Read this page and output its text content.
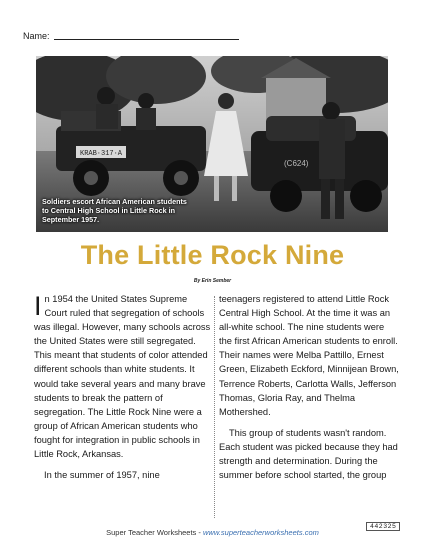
Name:
KRAB·317·A
(C624)
Soldiers escort African American students to Central High School in Little Rock in September 1957.
The Little Rock Nine
By Erin Sember

In 1954 the United States Supreme Court ruled that segregation of schools was illegal. However, many schools across the United States were still segregated. This meant that students of color attended different schools than white students. It would take several years and many brave students to break the pattern of segregation. The Little Rock Nine were a group of African American students who fought for integration in public schools in Little Rock, Arkansas.

In the summer of 1957, nine

teenagers registered to attend Little Rock Central High School. At the time it was an all-white school. The nine students were the first African American students to enroll. Their names were Melba Pattillo, Ernest Green, Elizabeth Eckford, Minnijean Brown, Terrence Roberts, Carlotta Walls, Jefferson Thomas, Gloria Ray, and Thelma Mothershed.

This group of students wasn't random. Each student was picked because they had strength and determination. During the summer before school started, the group

Super Teacher Worksheets - www.superteacherworksheets.com
442325
